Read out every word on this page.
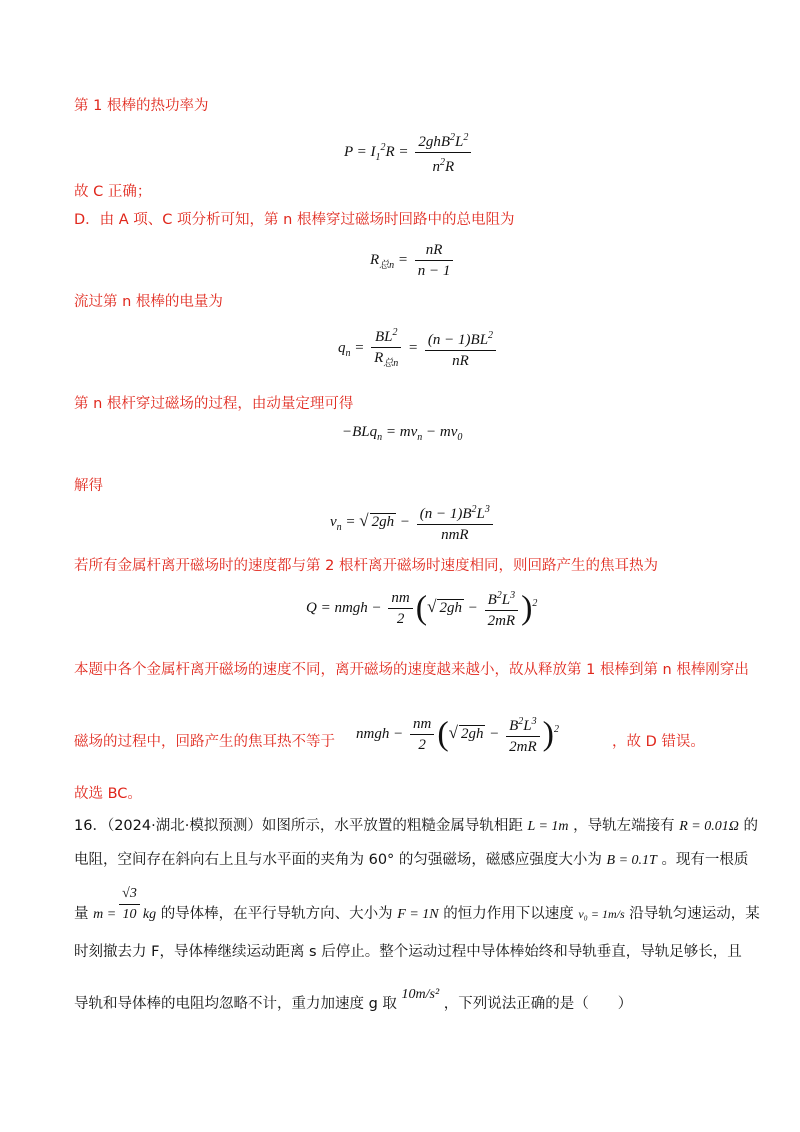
第 1 根棒的热功率为
$P = I_1^2R = \frac{2ghB^2L^2}{n^2R}$
故 C 正确；
D．由 A 项、C 项分析可知，第 n 根棒穿过磁场时回路中的总电阻为
$R_{总n} = \frac{nR}{n - 1}$
流过第 n 根棒的电量为
$q_n = \frac{BL^2}{R_{总n}} = \frac{(n - 1)BL^2}{nR}$
第 n 根杆穿过磁场的过程，由动量定理可得
$-BLq_n = mv_n - mv_0$
解得
$v_n$ = √ $2gh - \frac{(n - 1)B^2L^3}{\text{nmR}}$
若所有金属杆离开磁场时的速度都与第 2 根杆离开磁场时速度相同，则回路产生的焦耳热为
Q = nmgh − $\frac{nm}{2}$ (√ $2gh - \frac{B^2L^3}{2mR} )^2$
本题中各个金属杆离开磁场的速度不同，离开磁场的速度越来越小，故从释放第 1 根棒到第 n 根棒刚穿出
磁场的过程中，回路产生的焦耳热不等于
nmgh − $\frac{nm}{2}$ (√ $2gh - \frac{B^2L^3}{2mR} )^2$
，故 D 错误。
故选 BC。
16．（2024·湖北·模拟预测）如图所示，水平放置的粗糙金属导轨相距 L = 1m ，导轨左端接有 R = 0.01Ω 的
电阻，空间存在斜向右上且与水平面的夹角为 60° 的匀强磁场，磁感应强度大小为 B = 0.1T 。现有一根质
量 $m = \frac{√3}{10}$ kg 的导体棒，在平行导轨方向、大小为 F = 1N 的恒力作用下以速度 v₀ = 1m/s 沿导轨匀速运动，某
时刻撤去力 F，导体棒继续运动距离 s 后停止。整个运动过程中导体棒始终和导轨垂直，导轨足够长，且
导轨和导体棒的电阻均忽略不计，重力加速度 g 取 10m/s² ，下列说法正确的是（　　）
